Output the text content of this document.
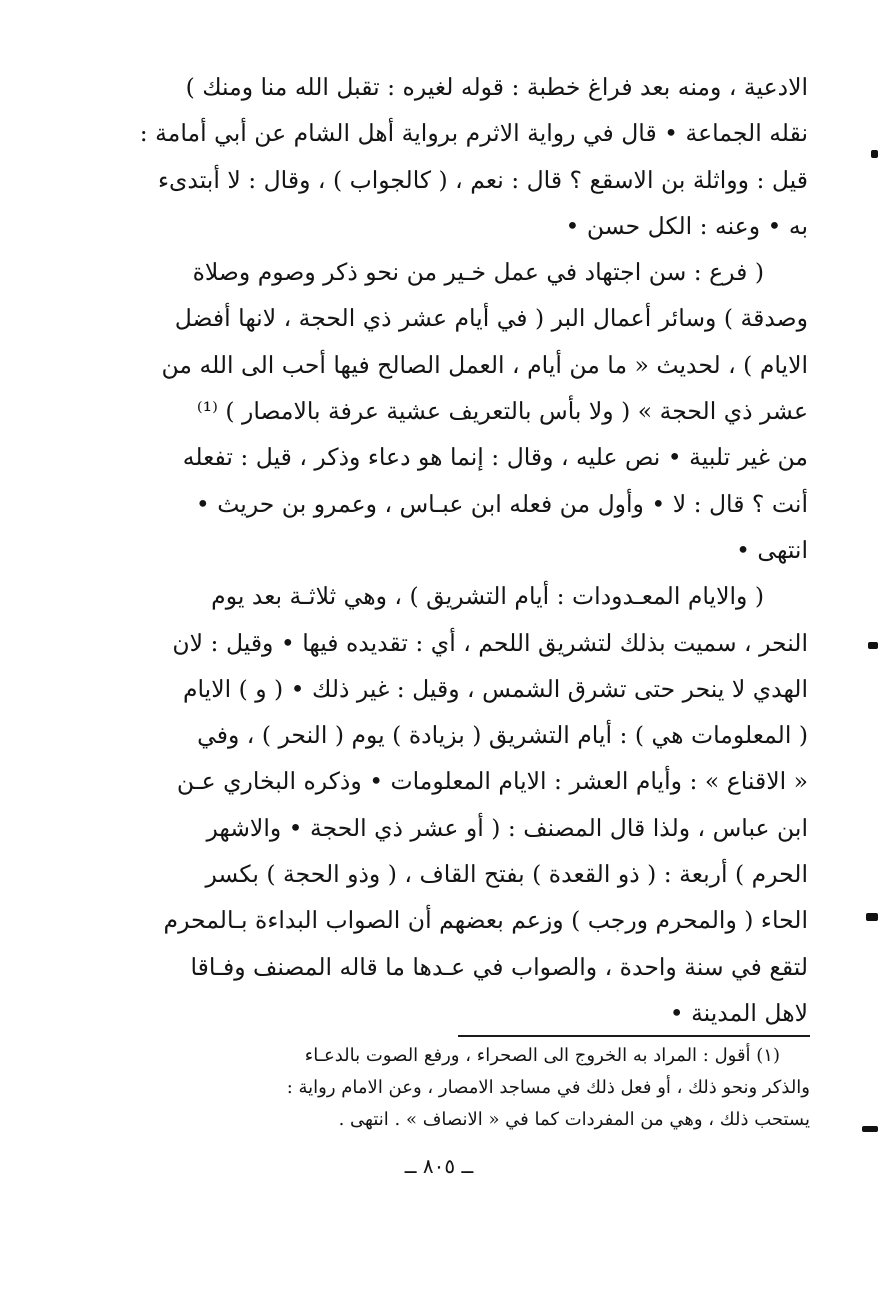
الادعية ، ومنه بعد فراغ خطبة : قوله لغيره : تقبل الله منا ومنك )
نقله الجماعة • قال في رواية الاثرم برواية أهل الشام عن أبي أمامة :
قيل : وواثلة بن الاسقع ؟ قال : نعم ، ( كالجواب ) ، وقال : لا أبتدىء
به • وعنه : الكل حسن •
( فرع : سن اجتهاد في عمل خـير من نحو ذكر وصوم وصلاة
وصدقة ) وسائر أعمال البر ( في أيام عشر ذي الحجة ، لانها أفضل
الايام ) ، لحديث « ما من أيام ، العمل الصالح فيها أحب الى الله من
عشر ذي الحجة » ( ولا بأس بالتعريف عشية عرفة بالامصار ) ⁽¹⁾
من غير تلبية • نص عليه ، وقال : إنما هو دعاء وذكر ، قيل : تفعله
أنت ؟ قال : لا • وأول من فعله ابن عبـاس ، وعمرو بن حريث •
انتهى •
( والايام المعـدودات : أيام التشريق ) ، وهي ثلاثـة بعد يوم
النحر ، سميت بذلك لتشريق اللحم ، أي : تقديده فيها • وقيل : لان
الهدي لا ينحر حتى تشرق الشمس ، وقيل : غير ذلك • ( و ) الايام
( المعلومات هي ) : أيام التشريق ( بزيادة ) يوم ( النحر ) ، وفي
« الاقناع » : وأيام العشر : الايام المعلومات • وذكره البخاري عـن
ابن عباس ، ولذا قال المصنف : ( أو عشر ذي الحجة • والاشهر
الحرم ) أربعة : ( ذو القعدة ) بفتح القاف ، ( وذو الحجة ) بكسر
الحاء ( والمحرم ورجب ) وزعم بعضهم أن الصواب البداءة بـالمحرم
لتقع في سنة واحدة ، والصواب في عـدها ما قاله المصنف وفـاقا
لاهل المدينة •
(١) أقول : المراد به الخروج الى الصحراء ، ورفع الصوت بالدعـاء
والذكر ونحو ذلك ، أو فعل ذلك في مساجد الامصار ، وعن الامام رواية :
يستحب ذلك ، وهي من المفردات كما في « الانصاف » . انتهى .
ــ ٨٠٥ ــ
